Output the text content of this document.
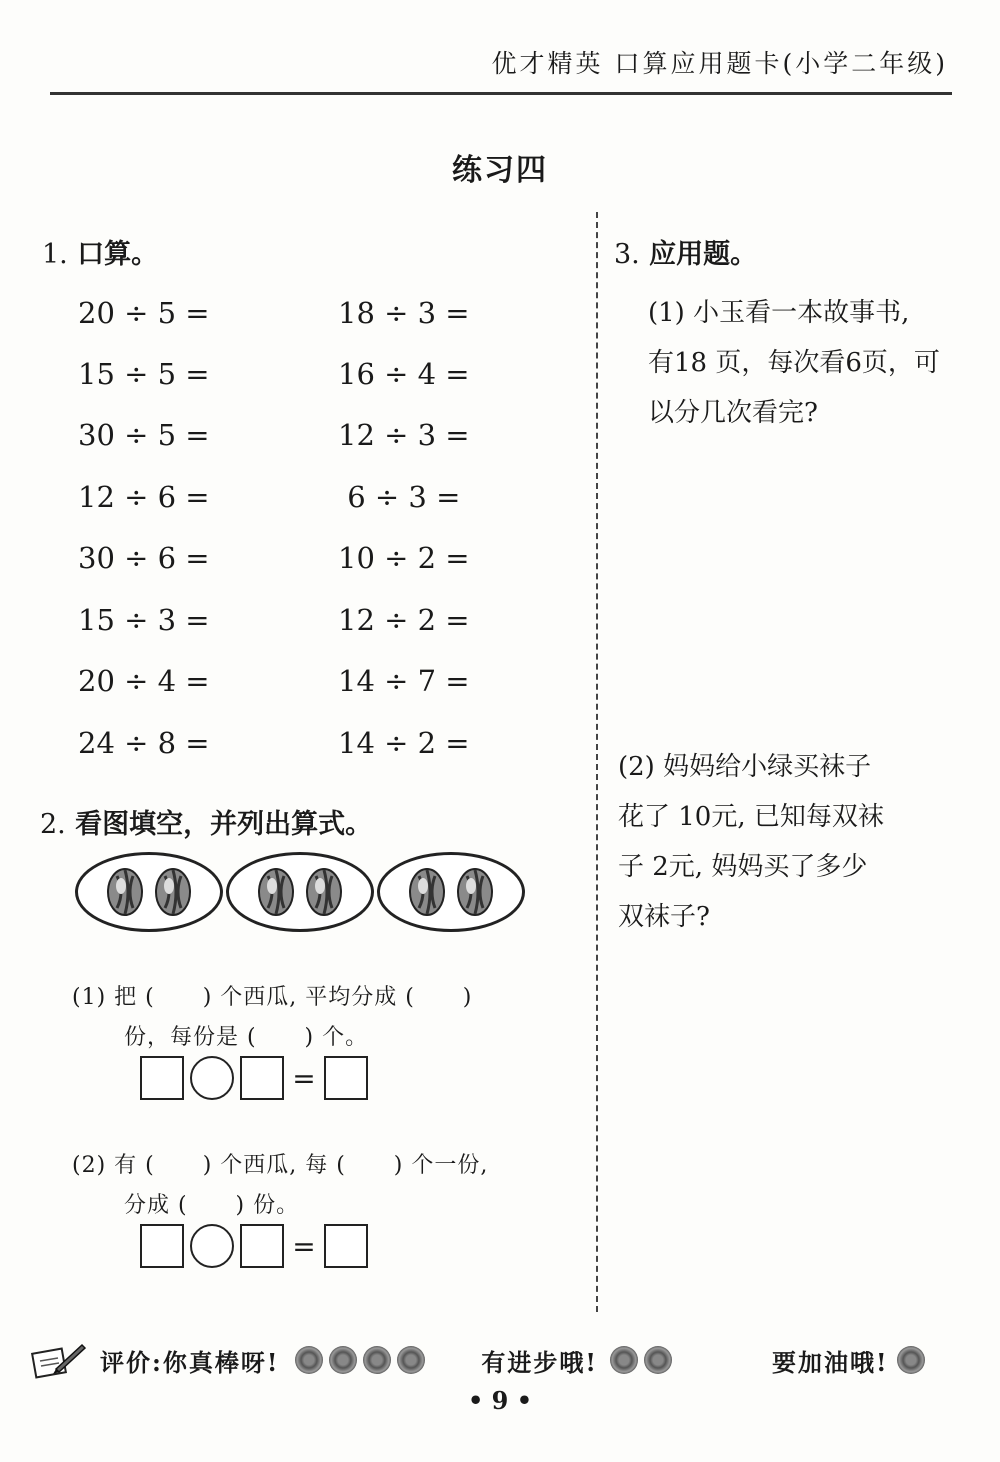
优才精英 口算应用题卡(小学二年级)
练习四
1. 口算。
20 ÷ 5 =
15 ÷ 5 =
30 ÷ 5 =
12 ÷ 6 =
30 ÷ 6 =
15 ÷ 3 =
20 ÷ 4 =
24 ÷ 8 =
18 ÷ 3 =
16 ÷ 4 =
12 ÷ 3 =
6 ÷ 3 =
10 ÷ 2 =
12 ÷ 2 =
14 ÷ 7 =
14 ÷ 2 =
2. 看图填空，并列出算式。
(1) 把 (      ) 个西瓜, 平均分成 (      )
份，每份是 (      ) 个。
=
(2) 有 (      ) 个西瓜, 每 (      ) 个一份,
分成 (      ) 份。
=
3. 应用题。
(1) 小玉看一本故事书,
有18 页，每次看6页，可
以分几次看完?
(2) 妈妈给小绿买袜子
花了 10元, 已知每双袜
子 2元, 妈妈买了多少
双袜子?
评价:你真棒呀!	有进步哦!	要加油哦!
• 9 •
